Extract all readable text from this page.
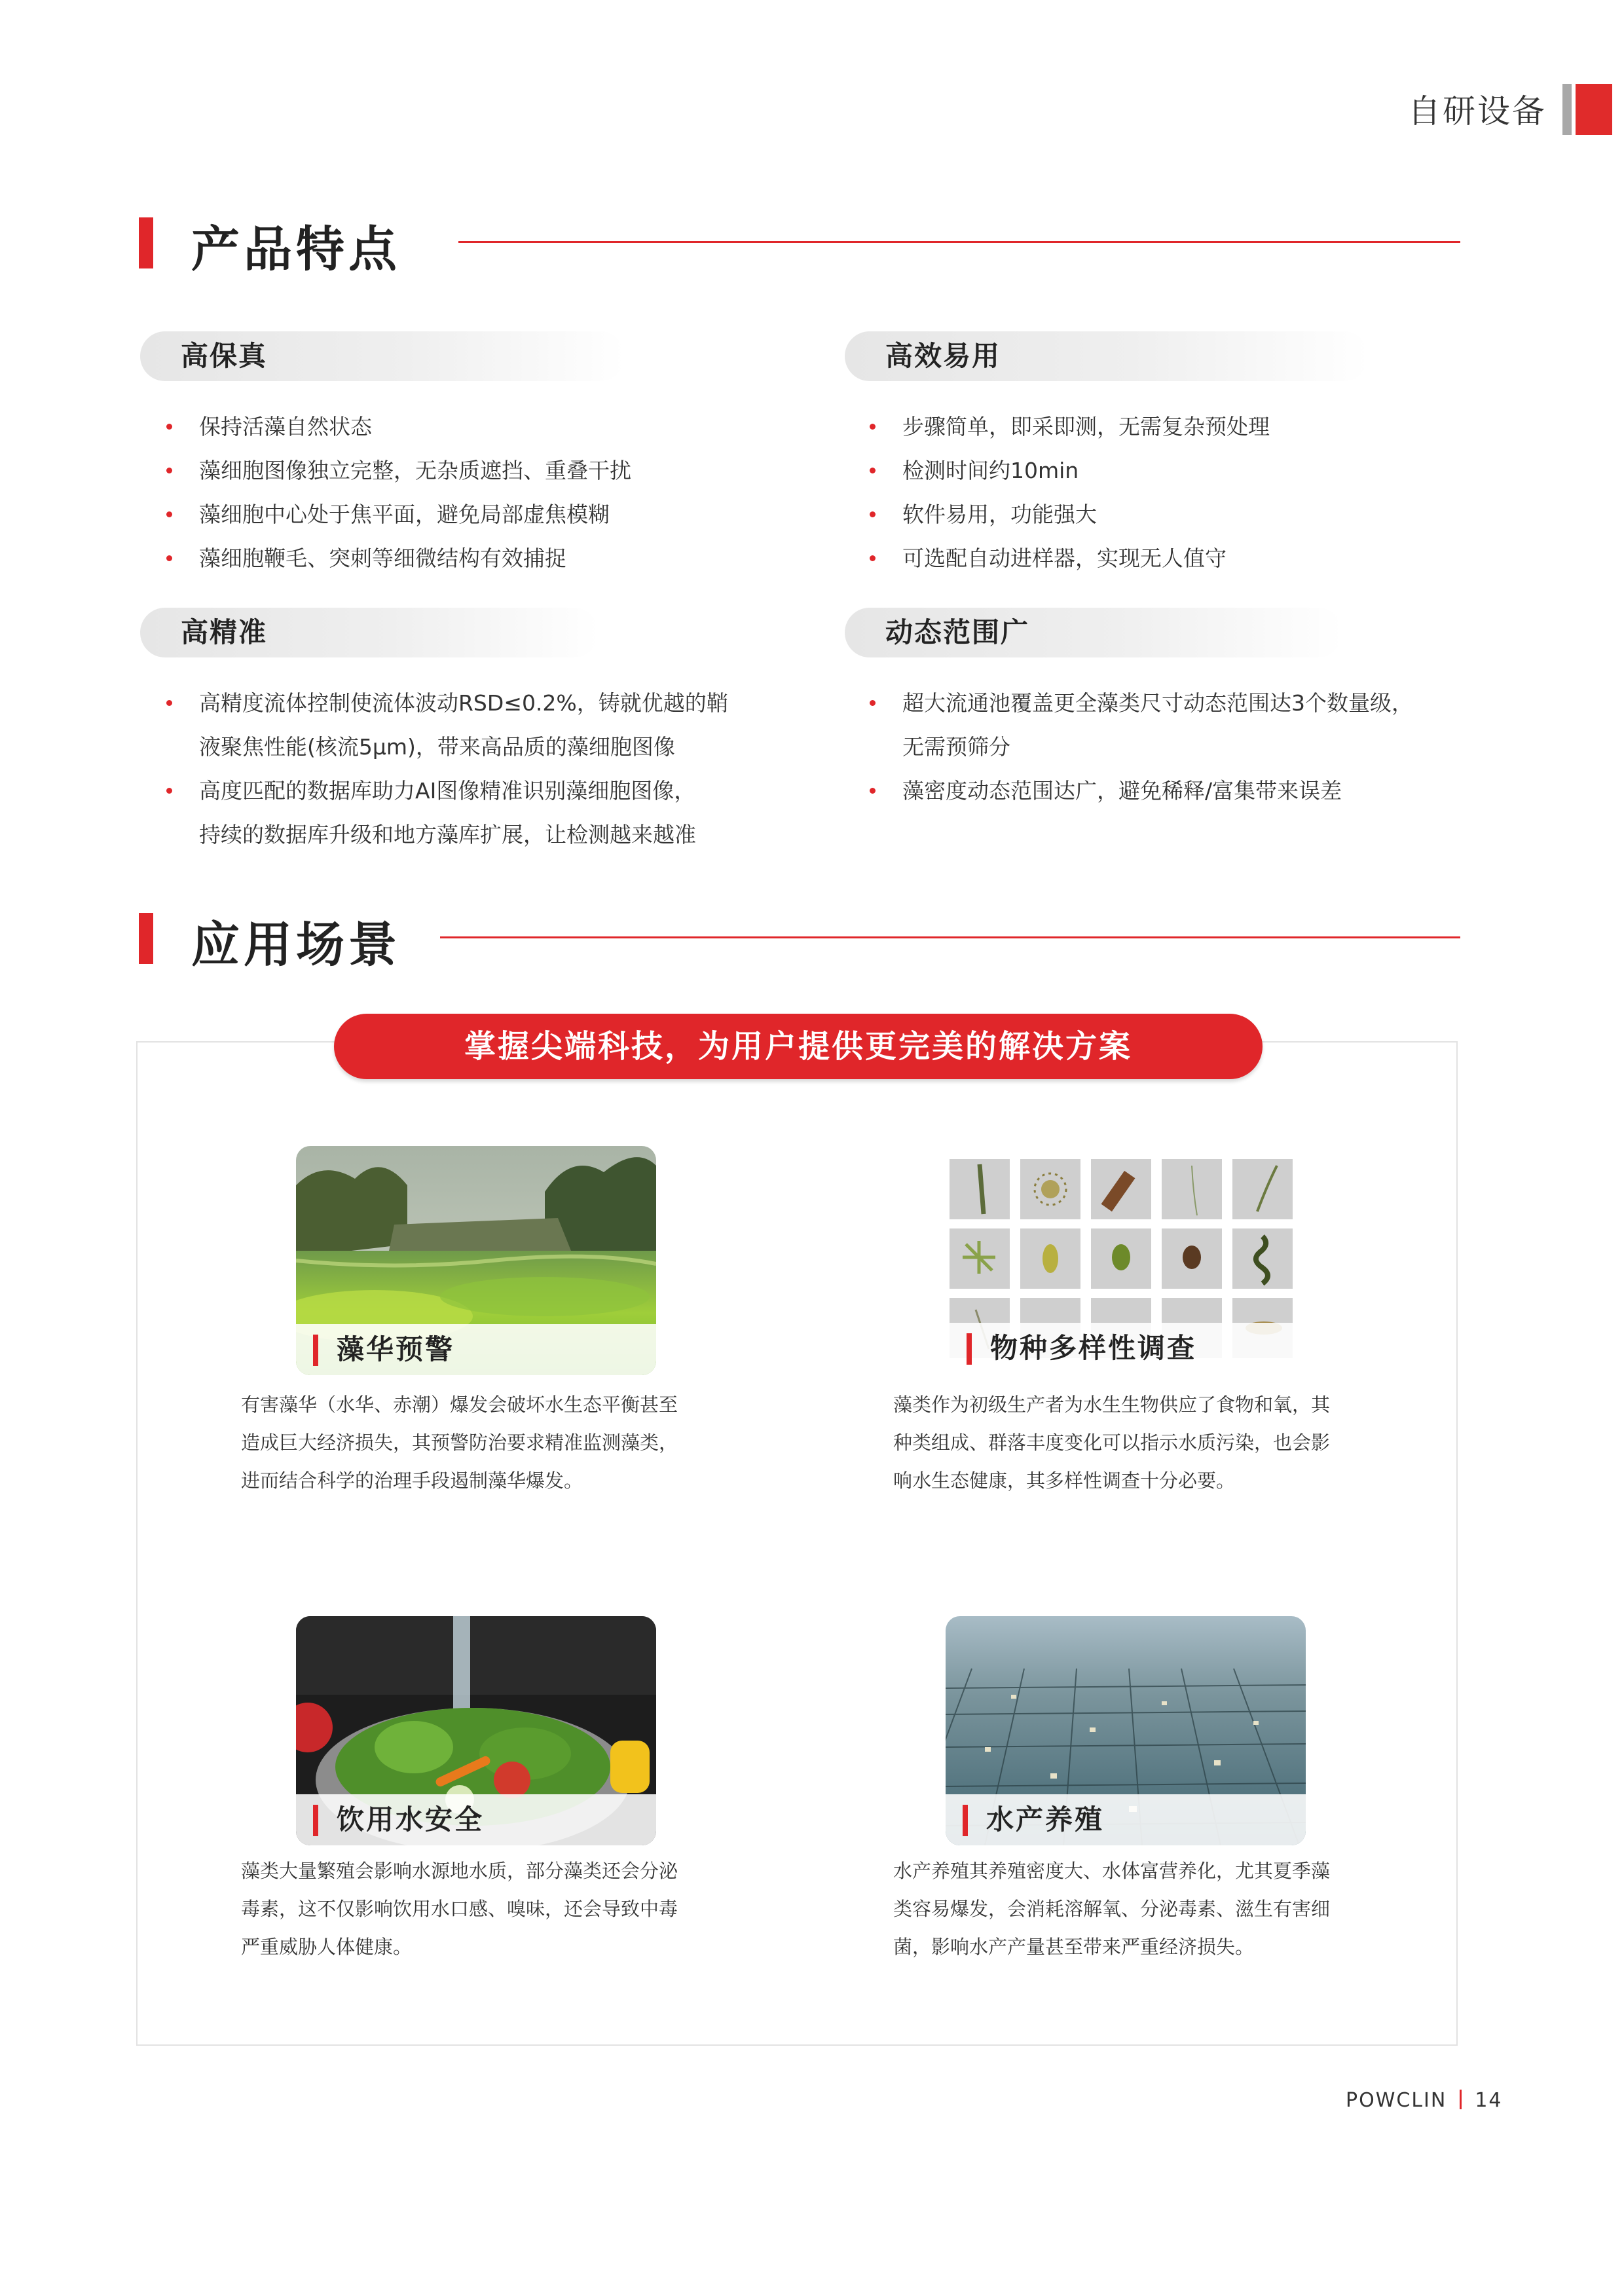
自研设备
产品特点
高保真
保持活藻自然状态
藻细胞图像独立完整，无杂质遮挡、重叠干扰
藻细胞中心处于焦平面，避免局部虚焦模糊
藻细胞鞭毛、突刺等细微结构有效捕捉
高效易用
步骤简单，即采即测，无需复杂预处理
检测时间约10min
软件易用，功能强大
可选配自动进样器，实现无人值守
高精准
高精度流体控制使流体波动RSD≤0.2%，铸就优越的鞘
液聚焦性能(核流5μm)，带来高品质的藻细胞图像
高度匹配的数据库助力AI图像精准识别藻细胞图像，
持续的数据库升级和地方藻库扩展，让检测越来越准
动态范围广
超大流通池覆盖更全藻类尺寸动态范围达3个数量级，
无需预筛分
藻密度动态范围达广，避免稀释/富集带来误差
应用场景
掌握尖端科技，为用户提供更完美的解决方案
藻华预警
有害藻华（水华、赤潮）爆发会破坏水生态平衡甚至
造成巨大经济损失，其预警防治要求精准监测藻类，
进而结合科学的治理手段遏制藻华爆发。
物种多样性调查
藻类作为初级生产者为水生生物供应了食物和氧，其
种类组成、群落丰度变化可以指示水质污染，也会影
响水生态健康，其多样性调查十分必要。
饮用水安全
藻类大量繁殖会影响水源地水质，部分藻类还会分泌
毒素，这不仅影响饮用水口感、嗅味，还会导致中毒
严重威胁人体健康。
水产养殖
水产养殖其养殖密度大、水体富营养化，尤其夏季藻
类容易爆发，会消耗溶解氧、分泌毒素、滋生有害细
菌，影响水产产量甚至带来严重经济损失。
POWCLIN 14
